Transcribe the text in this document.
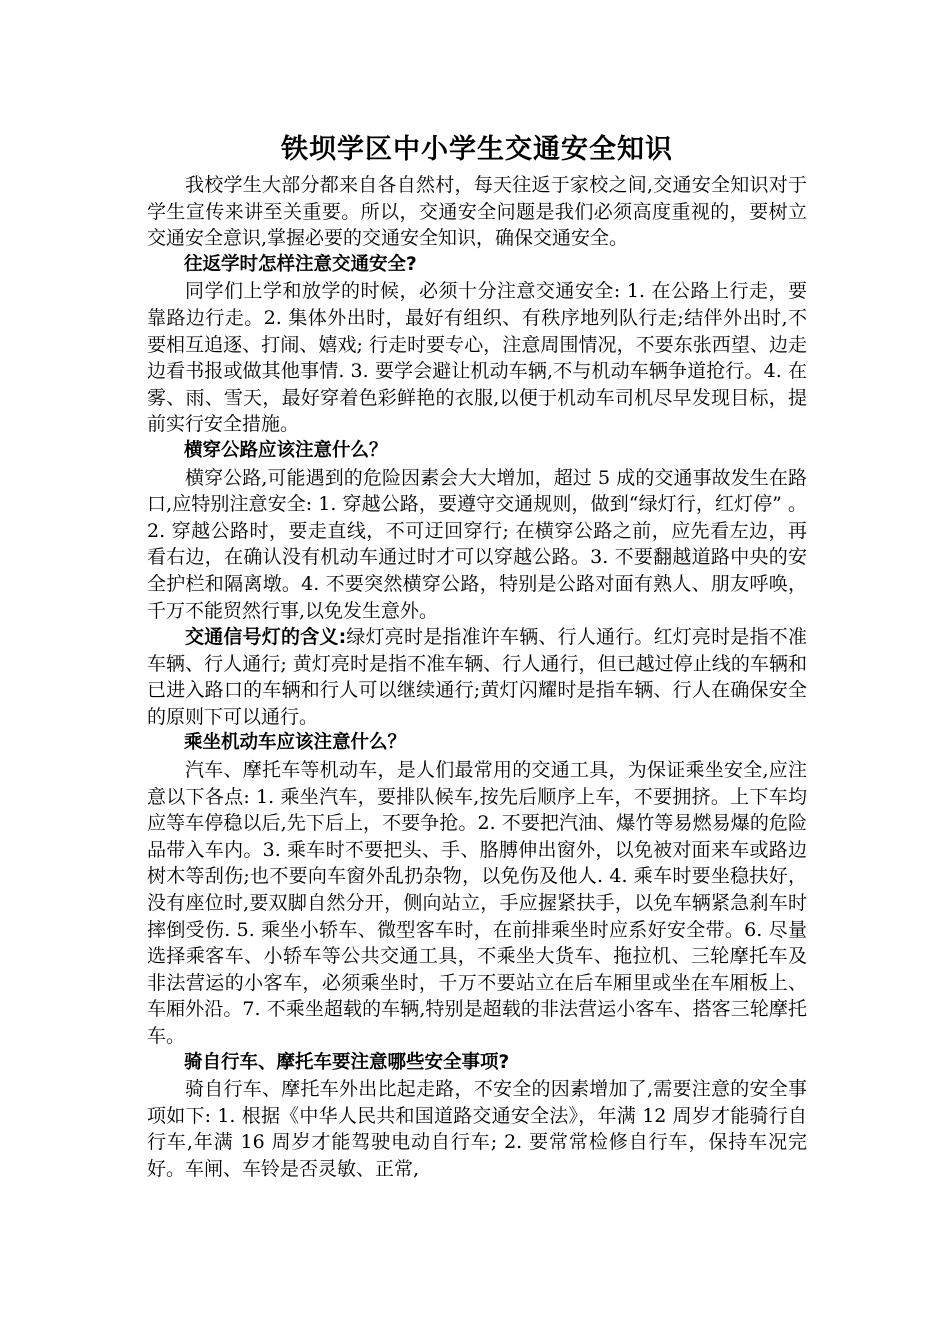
铁坝学区中小学生交通安全知识

我校学生大部分都来自各自然村，每天往返于家校之间,交通安全知识对于学生宣传来讲至关重要。所以，交通安全问题是我们必须高度重视的，要树立交通安全意识,掌握必要的交通安全知识，确保交通安全。

往返学时怎样注意交通安全?

同学们上学和放学的时候，必须十分注意交通安全: 1. 在公路上行走，要靠路边行走。2. 集体外出时，最好有组织、有秩序地列队行走;结伴外出时,不要相互追逐、打闹、嬉戏; 行走时要专心，注意周围情况，不要东张西望、边走边看书报或做其他事情. 3. 要学会避让机动车辆,不与机动车辆争道抢行。4. 在雾、雨、雪天，最好穿着色彩鲜艳的衣服,以便于机动车司机尽早发现目标，提前实行安全措施。

横穿公路应该注意什么？

横穿公路,可能遇到的危险因素会大大增加，超过 5 成的交通事故发生在路口,应特别注意安全: 1. 穿越公路，要遵守交通规则，做到“绿灯行，红灯停” 。2. 穿越公路时，要走直线，不可迂回穿行; 在横穿公路之前，应先看左边，再看右边，在确认没有机动车通过时才可以穿越公路。3. 不要翻越道路中央的安全护栏和隔离墩。4. 不要突然横穿公路，特别是公路对面有熟人、朋友呼唤，千万不能贸然行事,以免发生意外。

交通信号灯的含义:绿灯亮时是指准许车辆、行人通行。红灯亮时是指不准车辆、行人通行; 黄灯亮时是指不准车辆、行人通行，但已越过停止线的车辆和已进入路口的车辆和行人可以继续通行;黄灯闪耀时是指车辆、行人在确保安全的原则下可以通行。

乘坐机动车应该注意什么？

汽车、摩托车等机动车，是人们最常用的交通工具，为保证乘坐安全,应注意以下各点: 1. 乘坐汽车，要排队候车,按先后顺序上车，不要拥挤。上下车均应等车停稳以后,先下后上，不要争抢。2. 不要把汽油、爆竹等易燃易爆的危险品带入车内。3. 乘车时不要把头、手、胳膊伸出窗外，以免被对面来车或路边树木等刮伤;也不要向车窗外乱扔杂物，以免伤及他人. 4. 乘车时要坐稳扶好，没有座位时,要双脚自然分开，侧向站立，手应握紧扶手，以免车辆紧急刹车时摔倒受伤. 5. 乘坐小轿车、微型客车时，在前排乘坐时应系好安全带。6. 尽量选择乘客车、小轿车等公共交通工具，不乘坐大货车、拖拉机、三轮摩托车及非法营运的小客车，必须乘坐时，千万不要站立在后车厢里或坐在车厢板上、车厢外沿。7. 不乘坐超载的车辆,特别是超载的非法营运小客车、搭客三轮摩托车。

骑自行车、摩托车要注意哪些安全事项?

骑自行车、摩托车外出比起走路，不安全的因素增加了,需要注意的安全事项如下: 1. 根据《中华人民共和国道路交通安全法》，年满 12 周岁才能骑行自行车,年满 16 周岁才能驾驶电动自行车; 2. 要常常检修自行车，保持车况完好。车闸、车铃是否灵敏、正常,
